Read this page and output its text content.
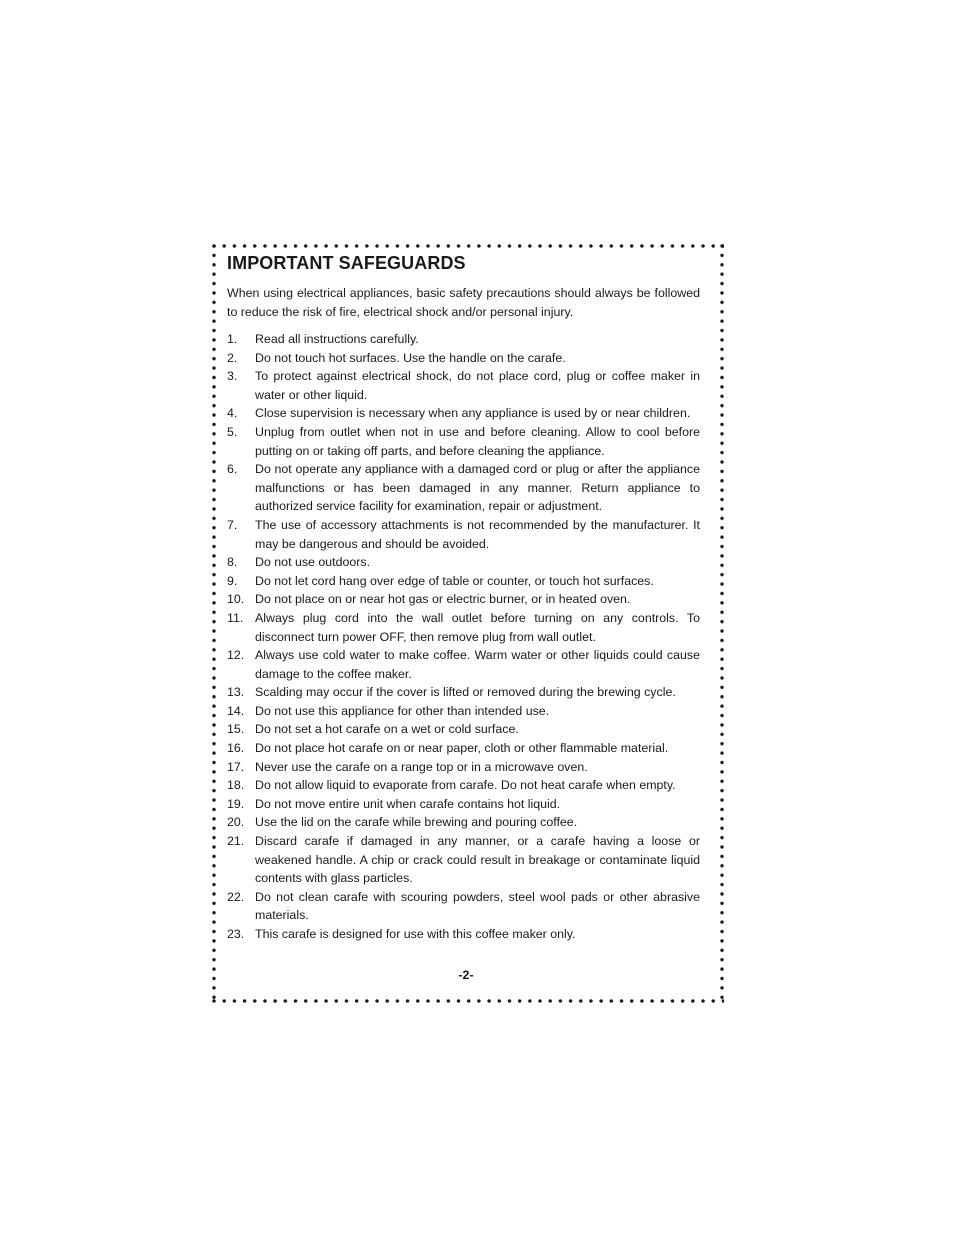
IMPORTANT SAFEGUARDS

When using electrical appliances, basic safety precautions should always be followed to reduce the risk of fire, electrical shock and/or personal injury.

1.	Read all instructions carefully.
2.	Do not touch hot surfaces. Use the handle on the carafe.
3.	To protect against electrical shock, do not place cord, plug or coffee maker in water or other liquid.
4.	Close supervision is necessary when any appliance is used by or near children.
5.	Unplug from outlet when not in use and before cleaning. Allow to cool before putting on or taking off parts, and before cleaning the appliance.
6.	Do not operate any appliance with a damaged cord or plug or after the appliance malfunctions or has been damaged in any manner. Return appliance to authorized service facility for examination, repair or adjustment.
7.	The use of accessory attachments is not recommended by the manufacturer. It may be dangerous and should be avoided.
8.	Do not use outdoors.
9.	Do not let cord hang over edge of table or counter, or touch hot surfaces.
10. Do not place on or near hot gas or electric burner, or in heated oven.
11. Always plug cord into the wall outlet before turning on any controls. To disconnect turn power OFF, then remove plug from wall outlet.
12. Always use cold water to make coffee. Warm water or other liquids could cause damage to the coffee maker.
13. Scalding may occur if the cover is lifted or removed during the brewing cycle.
14. Do not use this appliance for other than intended use.
15. Do not set a hot carafe on a wet or cold surface.
16. Do not place hot carafe on or near paper, cloth or other flammable material.
17. Never use the carafe on a range top or in a microwave oven.
18. Do not allow liquid to evaporate from carafe. Do not heat carafe when empty.
19. Do not move entire unit when carafe contains hot liquid.
20. Use the lid on the carafe while brewing and pouring coffee.
21. Discard carafe if damaged in any manner, or a carafe having a loose or weakened handle. A chip or crack could result in breakage or contaminate liquid contents with glass particles.
22. Do not clean carafe with scouring powders, steel wool pads or other abrasive materials.
23. This carafe is designed for use with this coffee maker only.
-2-
